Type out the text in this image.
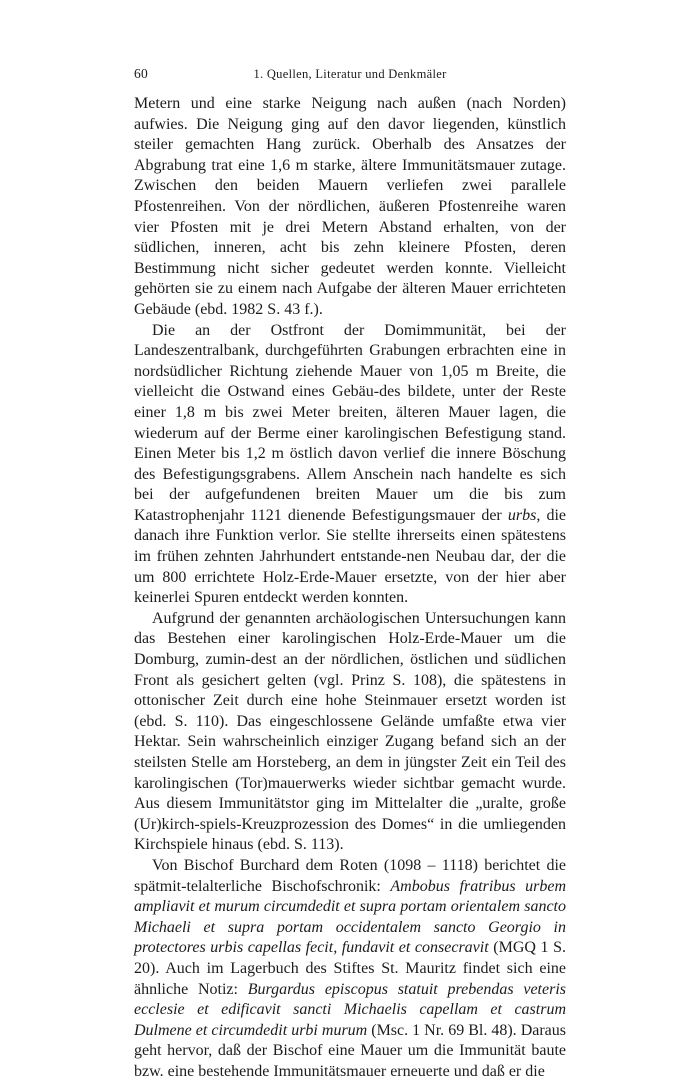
60	1. Quellen, Literatur und Denkmäler

Metern und eine starke Neigung nach außen (nach Norden) aufwies. Die Neigung ging auf den davor liegenden, künstlich steiler gemachten Hang zurück. Oberhalb des Ansatzes der Abgrabung trat eine 1,6 m starke, ältere Immunitätsmauer zutage. Zwischen den beiden Mauern verliefen zwei parallele Pfostenreihen. Von der nördlichen, äußeren Pfostenreihe waren vier Pfosten mit je drei Metern Abstand erhalten, von der südlichen, inneren, acht bis zehn kleinere Pfosten, deren Bestimmung nicht sicher gedeutet werden konnte. Vielleicht gehörten sie zu einem nach Aufgabe der älteren Mauer errichteten Gebäude (ebd. 1982 S. 43 f.).

Die an der Ostfront der Domimmunität, bei der Landeszentralbank, durchgeführten Grabungen erbrachten eine in nordsüdlicher Richtung ziehende Mauer von 1,05 m Breite, die vielleicht die Ostwand eines Gebäu-des bildete, unter der Reste einer 1,8 m bis zwei Meter breiten, älteren Mauer lagen, die wiederum auf der Berme einer karolingischen Befestigung stand. Einen Meter bis 1,2 m östlich davon verlief die innere Böschung des Befestigungsgrabens. Allem Anschein nach handelte es sich bei der aufgefundenen breiten Mauer um die bis zum Katastrophenjahr 1121 dienende Befestigungsmauer der urbs, die danach ihre Funktion verlor. Sie stellte ihrerseits einen spätestens im frühen zehnten Jahrhundert entstande-nen Neubau dar, der die um 800 errichtete Holz-Erde-Mauer ersetzte, von der hier aber keinerlei Spuren entdeckt werden konnten.

Aufgrund der genannten archäologischen Untersuchungen kann das Bestehen einer karolingischen Holz-Erde-Mauer um die Domburg, zumin-dest an der nördlichen, östlichen und südlichen Front als gesichert gelten (vgl. Prinz S. 108), die spätestens in ottonischer Zeit durch eine hohe Steinmauer ersetzt worden ist (ebd. S. 110). Das eingeschlossene Gelände umfaßte etwa vier Hektar. Sein wahrscheinlich einziger Zugang befand sich an der steilsten Stelle am Horsteberg, an dem in jüngster Zeit ein Teil des karolingischen (Tor)mauerwerks wieder sichtbar gemacht wurde. Aus diesem Immunitätstor ging im Mittelalter die „uralte, große (Ur)kirch-spiels-Kreuzprozession des Domes“ in die umliegenden Kirchspiele hinaus (ebd. S. 113).

Von Bischof Burchard dem Roten (1098 – 1118) berichtet die spätmit-telalterliche Bischofschronik: Ambobus fratribus urbem ampliavit et murum circumdedit et supra portam orientalem sancto Michaeli et supra portam occidentalem sancto Georgio in protectores urbis capellas fecit, fundavit et consecravit (MGQ 1 S. 20). Auch im Lagerbuch des Stiftes St. Mauritz findet sich eine ähnliche Notiz: Burgardus episcopus statuit prebendas veteris ecclesie et edificavit sancti Michaelis capellam et castrum Dulmene et circumdedit urbi murum (Msc. 1 Nr. 69 Bl. 48). Daraus geht hervor, daß der Bischof eine Mauer um die Immunität baute bzw. eine bestehende Immunitätsmauer erneuerte und daß er die
